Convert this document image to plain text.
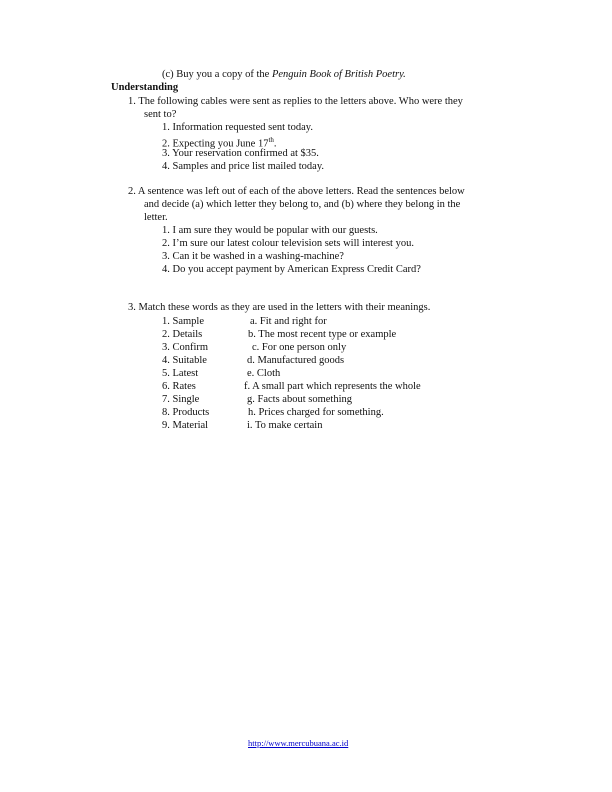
(c) Buy you a copy of the Penguin Book of British Poetry.
Understanding
1. The following cables were sent as replies to the letters above. Who were they
sent to?
1. Information requested sent today.
2. Expecting you June 17th.
3. Your reservation confirmed at $35.
4. Samples and price list mailed today.
2. A sentence was left out of each of the above letters. Read the sentences below
and decide (a) which letter they belong to, and (b) where they belong in the
letter.
1. I am sure they would be popular with our guests.
2. I’m sure our latest colour television sets will interest you.
3. Can it be washed in a washing-machine?
4. Do you accept payment by American Express Credit Card?
3. Match these words as they are used in the letters with their meanings.
1. Sample	a. Fit and right for
2. Details	b. The most recent type or example
3. Confirm	c. For one person only
4. Suitable	d. Manufactured goods
5. Latest	e. Cloth
6. Rates	f. A small part which represents the whole
7. Single	g. Facts about something
8. Products	h. Prices charged for something.
9. Material	i. To make certain
http://www.mercubuana.ac.id
